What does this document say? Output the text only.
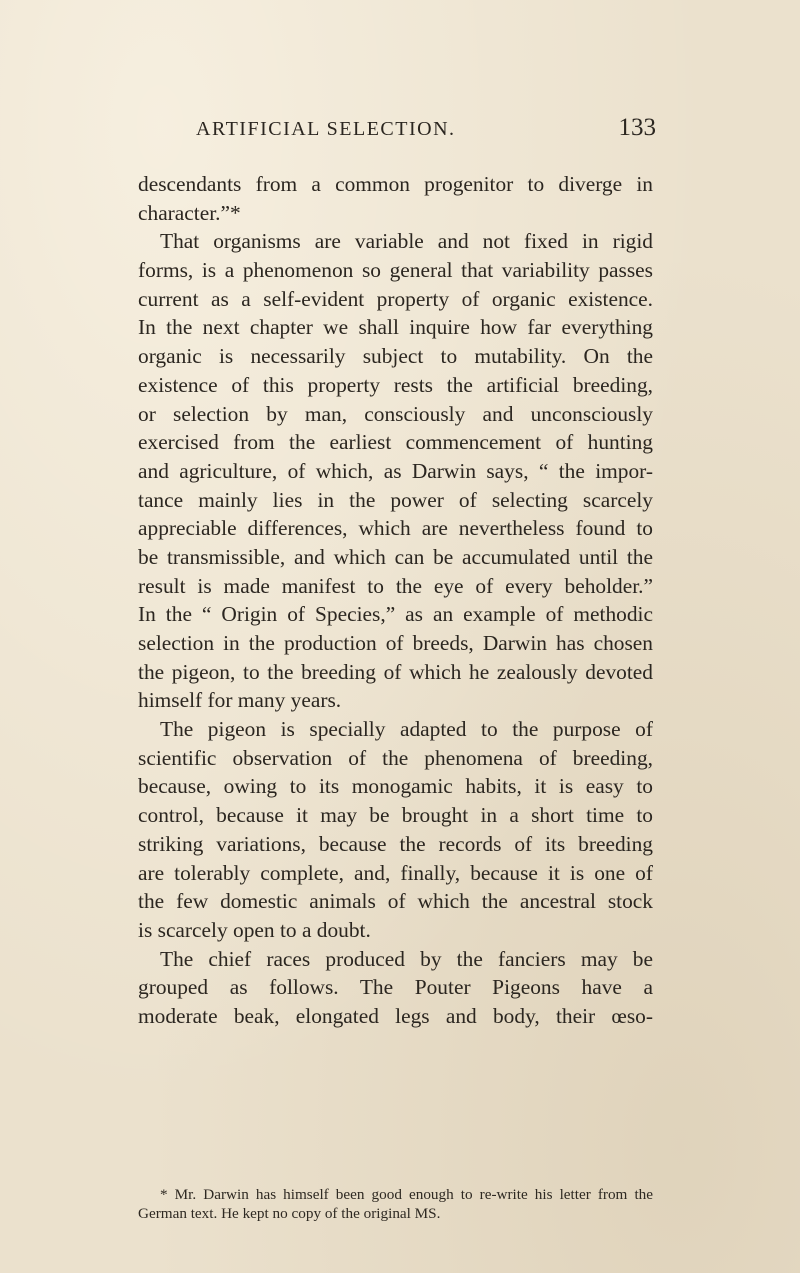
ARTIFICIAL SELECTION.	133
descendants from a common progenitor to diverge in
character.”*
That organisms are variable and not fixed in rigid
forms, is a phenomenon so general that variability passes
current as a self-evident property of organic existence.
In the next chapter we shall inquire how far everything
organic is necessarily subject to mutability. On the
existence of this property rests the artificial breeding,
or selection by man, consciously and unconsciously
exercised from the earliest commencement of hunting
and agriculture, of which, as Darwin says, “ the impor-
tance mainly lies in the power of selecting scarcely
appreciable differences, which are nevertheless found to
be transmissible, and which can be accumulated until the
result is made manifest to the eye of every beholder.”
In the “ Origin of Species,” as an example of methodic
selection in the production of breeds, Darwin has chosen
the pigeon, to the breeding of which he zealously devoted
himself for many years.
The pigeon is specially adapted to the purpose of
scientific observation of the phenomena of breeding,
because, owing to its monogamic habits, it is easy to
control, because it may be brought in a short time to
striking variations, because the records of its breeding
are tolerably complete, and, finally, because it is one of
the few domestic animals of which the ancestral stock
is scarcely open to a doubt.
The chief races produced by the fanciers may be
grouped as follows. The Pouter Pigeons have a
moderate beak, elongated legs and body, their œso-
* Mr. Darwin has himself been good enough to re-write his letter from the
German text. He kept no copy of the original MS.
